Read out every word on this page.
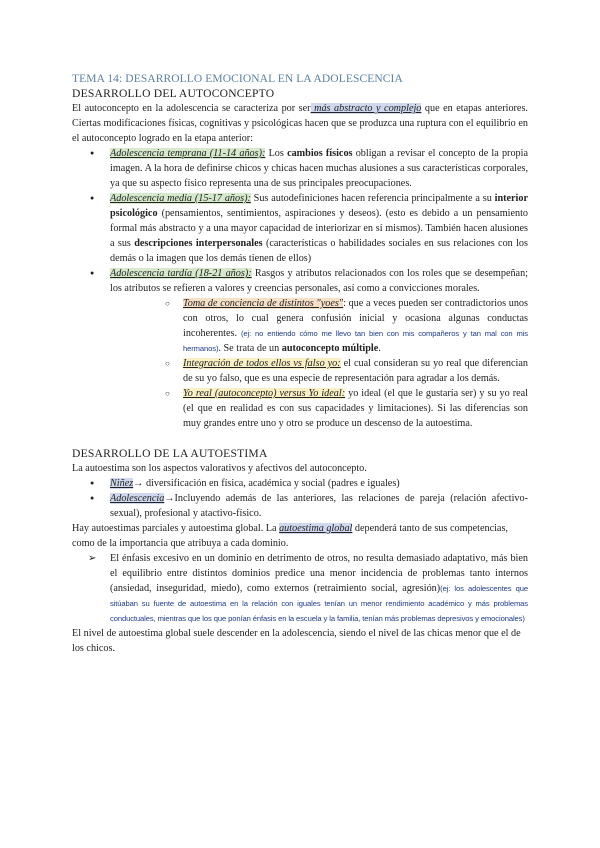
TEMA 14: DESARROLLO EMOCIONAL EN LA ADOLESCENCIA
DESARROLLO DEL AUTOCONCEPTO

El autoconcepto en la adolescencia se caracteriza por ser más abstracto y complejo que en etapas anteriores. Ciertas modificaciones físicas, cognitivas y psicológicas hacen que se produzca una ruptura con el equilibrio en el autoconcepto logrado en la etapa anterior:

● Adolescencia temprana (11-14 años): Los cambios físicos obligan a revisar el concepto de la propia imagen. A la hora de definirse chicos y chicas hacen muchas alusiones a sus características corporales, ya que su aspecto físico representa una de sus principales preocupaciones.
● Adolescencia media (15-17 años): Sus autodefiniciones hacen referencia principalmente a su interior psicológico (pensamientos, sentimientos, aspiraciones y deseos). (esto es debido a un pensamiento formal más abstracto y a una mayor capacidad de interiorizar en sí mismos). También hacen alusiones a sus descripciones interpersonales (características o habilidades sociales en sus relaciones con los demás o la imagen que los demás tienen de ellos)
● Adolescencia tardía (18-21 años): Rasgos y atributos relacionados con los roles que se desempeñan; los atributos se refieren a valores y creencias personales, así como a convicciones morales.
○ Toma de conciencia de distintos "yoes": que a veces pueden ser contradictorios unos con otros, lo cual genera confusión inicial y ocasiona algunas conductas incoherentes. (ej: no entiendo cómo me llevo tan bien con mis compañeros y tan mal con mis hermanos). Se trata de un autoconcepto múltiple.
○ Integración de todos ellos vs falso yo: el cual consideran su yo real que diferencian de su yo falso, que es una especie de representación para agradar a los demás.
○ Yo real (autoconcepto) versus Yo ideal: yo ideal (el que le gustaría ser) y su yo real (el que en realidad es con sus capacidades y limitaciones). Si las diferencias son muy grandes entre uno y otro se produce un descenso de la autoestima.
DESARROLLO DE LA AUTOESTIMA

La autoestima son los aspectos valorativos y afectivos del autoconcepto.

● Niñez→ diversificación en física, académica y social (padres e iguales)
● Adolescencia→Incluyendo además de las anteriores, las relaciones de pareja (relación afectivo-sexual), profesional y atactivo-físico.

Hay autoestimas parciales y autoestima global. La autoestima global dependerá tanto de sus competencias, como de la importancia que atribuya a cada dominio.

➢ El énfasis excesivo en un dominio en detrimento de otros, no resulta demasiado adaptativo, más bien el equilibrio entre distintos dominios predice una menor incidencia de problemas tanto internos (ansiedad, inseguridad, miedo), como externos (retraimiento social, agresión)(ej: los adolescentes que sitúaban su fuente de autoestima en la relación con iguales tenían un menor rendimiento académico y más problemas conductuales, mientras que los que ponían énfasis en la escuela y la familia, tenían más problemas depresivos y emocionales)

El nivel de autoestima global suele descender en la adolescencia, siendo el nivel de las chicas menor que el de los chicos.
